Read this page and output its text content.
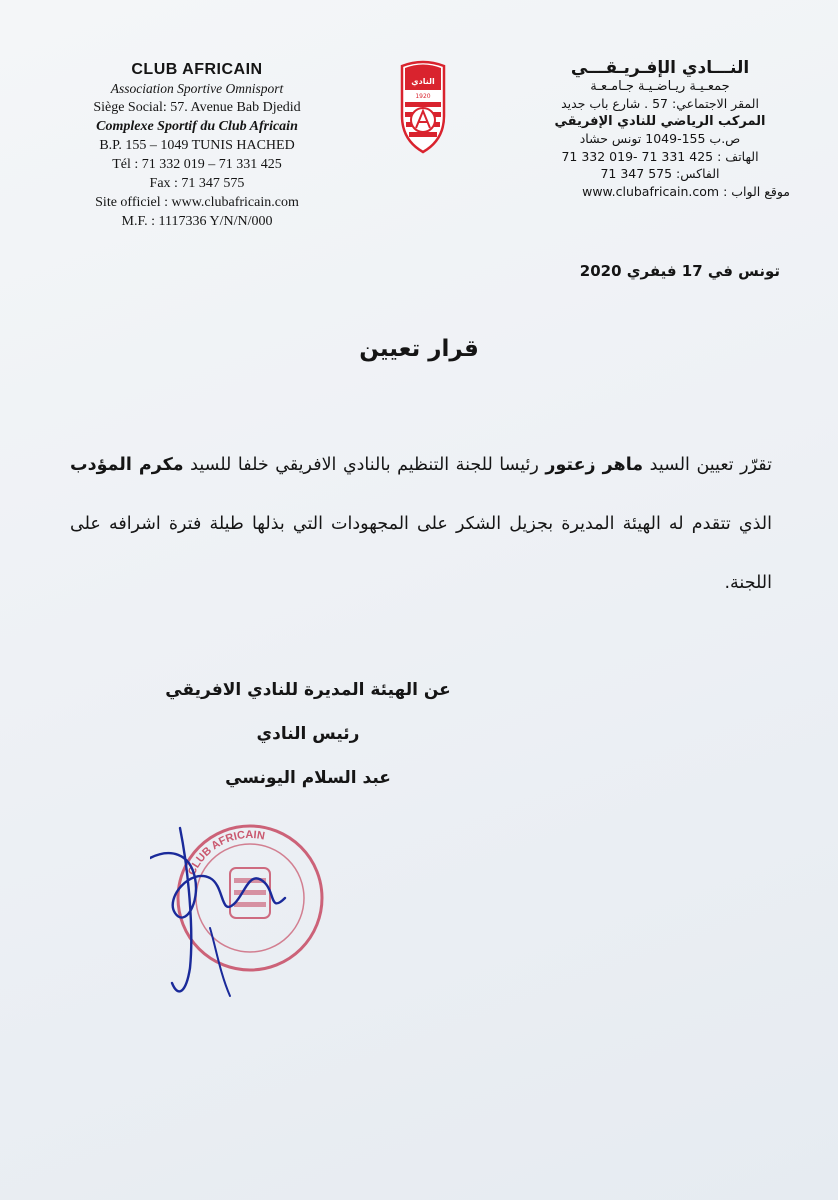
CLUB AFRICAIN
Association Sportive Omnisport
Siège Social: 57. Avenue Bab Djedid
Complexe Sportif du Club Africain
B.P. 155 – 1049 TUNIS HACHED
Tél : 71 332 019 – 71 331 425
Fax : 71 347 575
Site officiel : www.clubafricain.com
M.F. : 1117336 Y/N/N/000
النادي
1920
النـــادي الإفـريـقـــي
جمعـيـة ريـاضـيـة جـامـعـة
المقر الاجتماعي: 57 . شارع باب جديد
المركب الرياضي للنادي الإفريقي
ص.ب 155-1049 تونس حشاد
الهاتف : 425 331 71 -019 332 71
الفاكس: 575 347 71
موقع الواب : www.clubafricain.com
تونس في 17 فيفري 2020
قرار تعيين
تقرّر تعيين السيد ماهر زعتور رئيسا للجنة التنظيم بالنادي الافريقي خلفا للسيد مكرم المؤدب الذي تتقدم له الهيئة المديرة بجزيل الشكر على المجهودات التي بذلها طيلة فترة اشرافه على اللجنة.
عن الهيئة المديرة للنادي الافريقي
رئيس النادي
عبد السلام اليونسي
CLUB AFRICAIN
